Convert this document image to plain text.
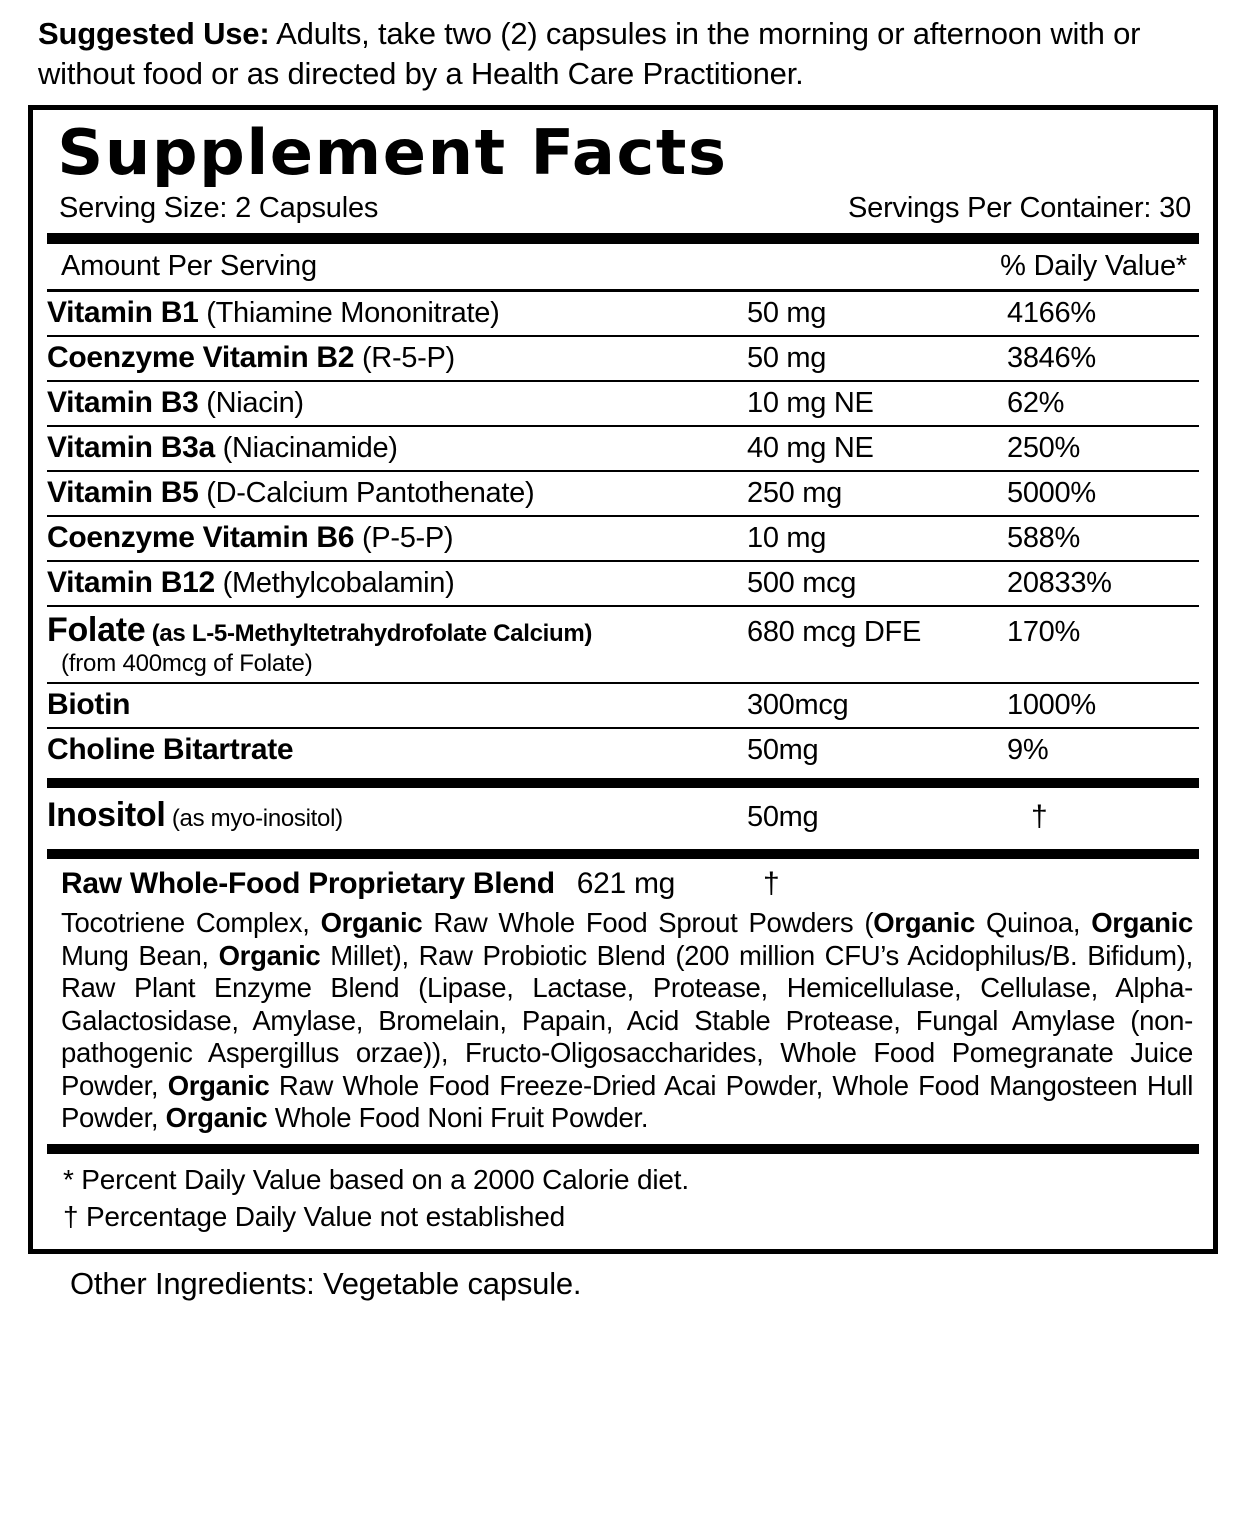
Suggested Use: Adults, take two (2) capsules in the morning or afternoon with or without food or as directed by a Health Care Practitioner.
Supplement Facts
Serving Size: 2 Capsules	Servings Per Container: 30
Amount Per Serving	% Daily Value*
Vitamin B1 (Thiamine Mononitrate)	50 mg	4166%
Coenzyme Vitamin B2 (R-5-P)	50 mg	3846%
Vitamin B3 (Niacin)	10 mg NE	62%
Vitamin B3a (Niacinamide)	40 mg NE	250%
Vitamin B5 (D-Calcium Pantothenate)	250 mg	5000%
Coenzyme Vitamin B6 (P-5-P)	10 mg	588%
Vitamin B12 (Methylcobalamin)	500 mcg	20833%
Folate (as L-5-Methyltetrahydrofolate Calcium)	680 mcg DFE	170%
(from 400mcg of Folate)
Biotin	300mcg	1000%
Choline Bitartrate	50mg	9%
Inositol (as myo-inositol)	50mg	†
Raw Whole-Food Proprietary Blend 621 mg	†
Tocotriene Complex, Organic Raw Whole Food Sprout Powders (Organic Quinoa, Organic Mung Bean, Organic Millet), Raw Probiotic Blend (200 million CFU’s Acidophilus/B. Bifidum), Raw Plant Enzyme Blend (Lipase, Lactase, Protease, Hemicellulase, Cellulase, Alpha-Galactosidase, Amylase, Bromelain, Papain, Acid Stable Protease, Fungal Amylase (non-pathogenic Aspergillus orzae)), Fructo-Oligosaccharides, Whole Food Pomegranate Juice Powder, Organic Raw Whole Food Freeze-Dried Acai Powder, Whole Food Mangosteen Hull Powder, Organic Whole Food Noni Fruit Powder.
* Percent Daily Value based on a 2000 Calorie diet.
† Percentage Daily Value not established
Other Ingredients: Vegetable capsule.
